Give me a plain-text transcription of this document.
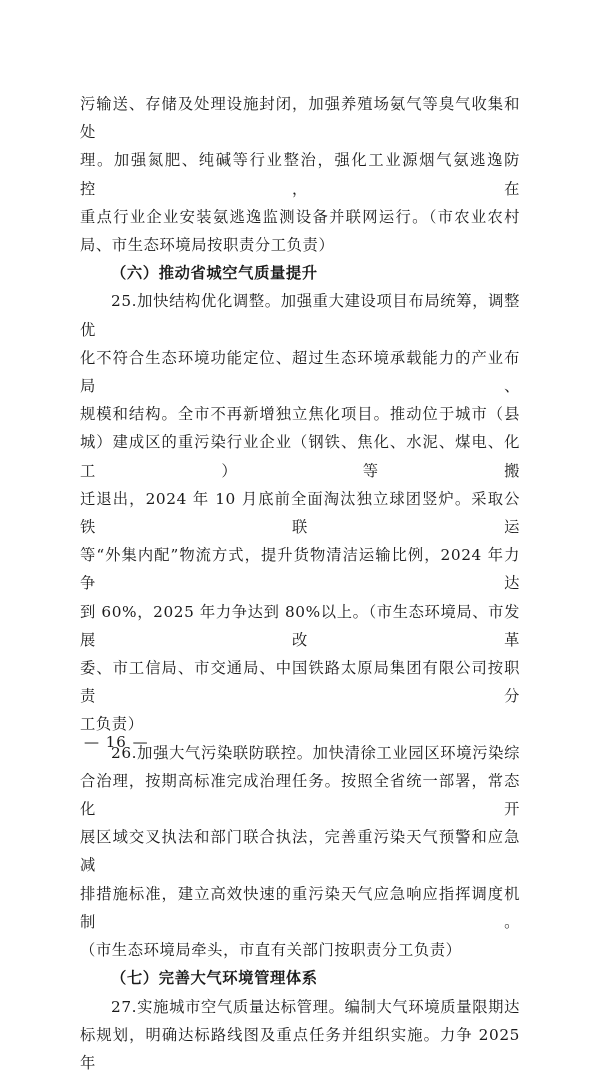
污输送、存储及处理设施封闭，加强养殖场氨气等臭气收集和处

理。加强氮肥、纯碱等行业整治，强化工业源烟气氨逃逸防控，在

重点行业企业安装氨逃逸监测设备并联网运行。（市农业农村

局、市生态环境局按职责分工负责）

（六）推动省城空气质量提升

25.加快结构优化调整。加强重大建设项目布局统筹，调整优

化不符合生态环境功能定位、超过生态环境承载能力的产业布局、

规模和结构。全市不再新增独立焦化项目。推动位于城市（县

城）建成区的重污染行业企业（钢铁、焦化、水泥、煤电、化工）等搬

迁退出，2024 年 10 月底前全面淘汰独立球团竖炉。采取公铁联运

等“外集内配”物流方式，提升货物清洁运输比例，2024 年力争达

到 60%，2025 年力争达到 80%以上。（市生态环境局、市发展改革

委、市工信局、市交通局、中国铁路太原局集团有限公司按职责分

工负责）

26.加强大气污染联防联控。加快清徐工业园区环境污染综

合治理，按期高标准完成治理任务。按照全省统一部署，常态化开

展区域交叉执法和部门联合执法，完善重污染天气预警和应急减

排措施标准，建立高效快速的重污染天气应急响应指挥调度机制。

（市生态环境局牵头，市直有关部门按职责分工负责）

（七）完善大气环境管理体系

27.实施城市空气质量达标管理。编制大气环境质量限期达

标规划，明确达标路线图及重点任务并组织实施。力争 2025 年

— 16 —
